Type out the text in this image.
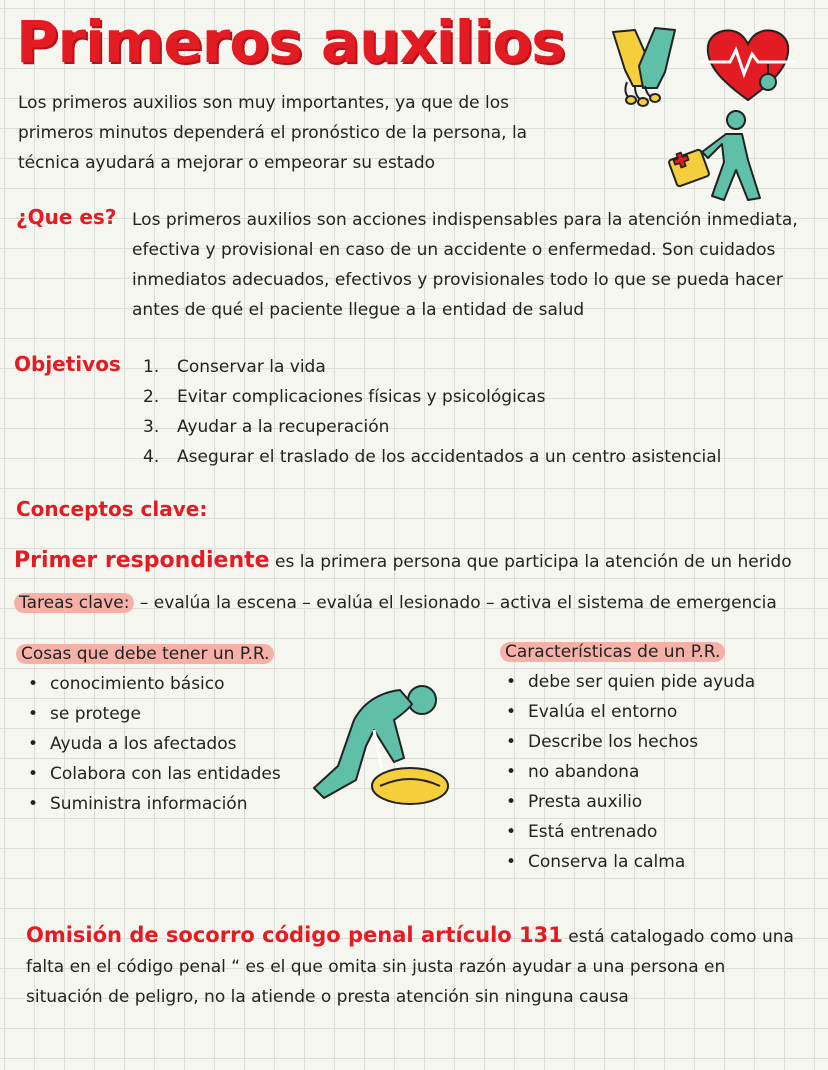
Primeros auxilios
Los primeros auxilios son muy importantes, ya que de los primeros minutos dependerá el pronóstico de la persona, la técnica ayudará a mejorar o empeorar su estado
¿Que es? Los primeros auxilios son acciones indispensables para la atención inmediata, efectiva y provisional en caso de un accidente o enfermedad. Son cuidados inmediatos adecuados, efectivos y provisionales todo lo que se pueda hacer antes de qué el paciente llegue a la entidad de salud
Objetivos 1.	Conservar la vida
2.	Evitar complicaciones físicas y psicológicas
3.	Ayudar a la recuperación
4.	Asegurar el traslado de los accidentados a un centro asistencial
Conceptos clave:
Primer respondiente es la primera persona que participa la atención de un herido
Tareas clave: – evalúa la escena – evalúa el lesionado – activa el sistema de emergencia
Cosas que debe tener un P.R.
• conocimiento básico
• se protege
• Ayuda a los afectados
• Colabora con las entidades
• Suministra información
Características de un P.R.
• debe ser quien pide ayuda
• Evalúa el entorno
• Describe los hechos
• no abandona
• Presta auxilio
• Está entrenado
• Conserva la calma
Omisión de socorro código penal artículo 131 está catalogado como una falta en el código penal “ es el que omita sin justa razón ayudar a una persona en situación de peligro, no la atiende o presta atención sin ninguna causa
